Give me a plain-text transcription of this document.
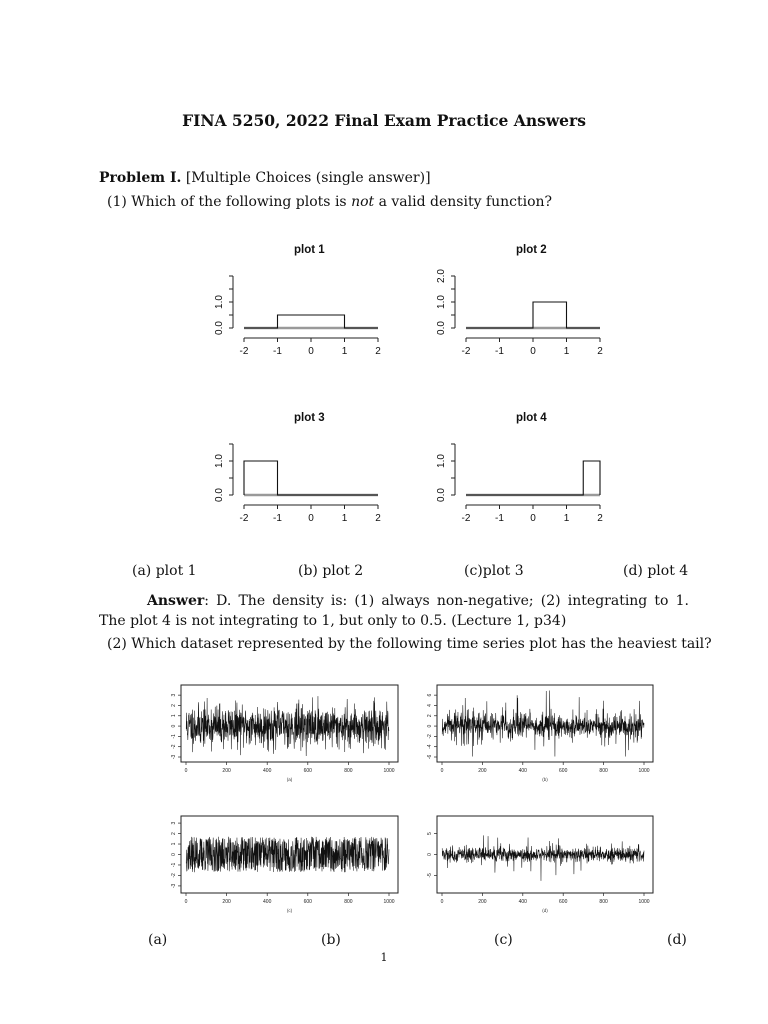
FINA 5250, 2022 Final Exam Practice Answers
Problem I. [Multiple Choices (single answer)]
(1) Which of the following plots is not a valid density function?
plot 1	plot 2
plot 3	plot 4
-2 -1	0	1	2
0.0
1.0
-2 -1	0	1	2
0.0
1.0
2.0
-2 -1	0	1	2
0.0
1.0
-2 -1	0	1	2
0.0
1.0
(a) plot 1	(b) plot 2	(c)plot 3	(d) plot 4
Answer: D. The density is: (1) always non-negative; (2) integrating to 1. The plot 4 is not integrating to 1, but only to 0.5. (Lecture 1, p34)
(2) Which dataset represented by the following time series plot has the heaviest tail?
0	200	400	600	800	1000
-3
-2
-1
0
1
2
3
(a)
0	200	400	600	800	1000
-6
-4
-2
0
2
4
6
(b)
0	200	400	600	800	1000
-3
-2
-1
0
1
2
3
(c)
0	200	400	600	800	1000
-5
0
5
(d)
(a)	(b)	(c)	(d)
1
